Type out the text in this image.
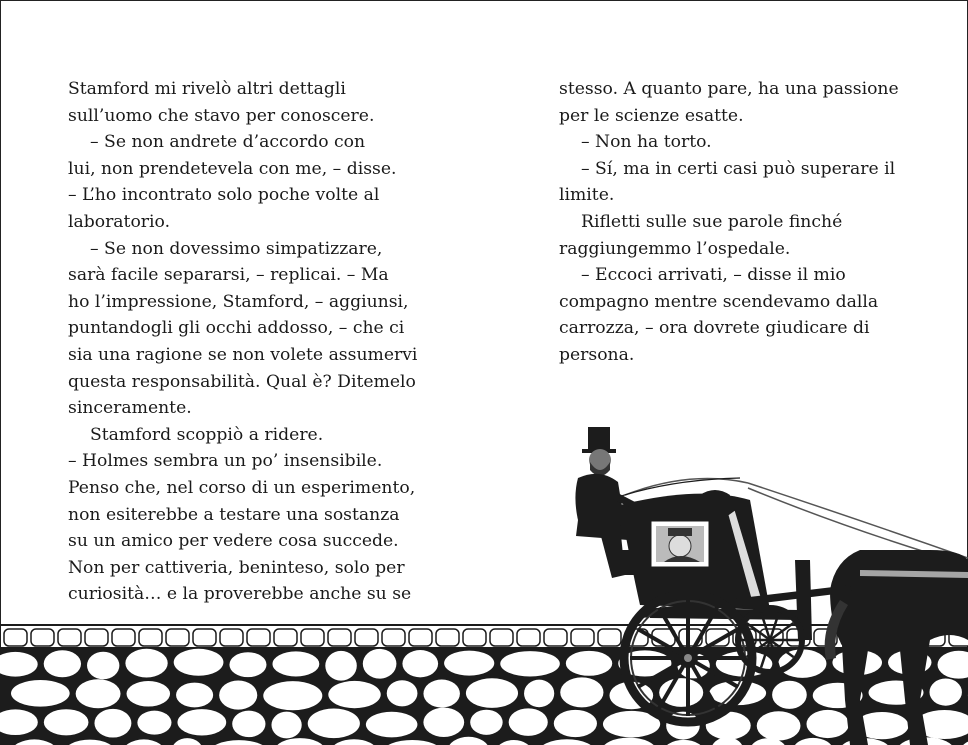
Stamford mi rivelò altri dettagli
sull’uomo che stavo per conoscere.
– Se non andrete d’accordo con
lui, non prendetevela con me, – disse.
– L’ho incontrato solo poche volte al
laboratorio.
– Se non dovessimo simpatizzare,
sarà facile separarsi, – replicai. – Ma
ho l’impressione, Stamford, – aggiunsi,
puntandogli gli occhi addosso, – che ci
sia una ragione se non volete assumervi
questa responsabilità. Qual è? Ditemelo
sinceramente.
Stamford scoppiò a ridere.
– Holmes sembra un po’ insensibile.
Penso che, nel corso di un esperimento,
non esiterebbe a testare una sostanza
su un amico per vedere cosa succede.
Non per cattiveria, beninteso, solo per
curiosità… e la proverebbe anche su se
stesso. A quanto pare, ha una passione
per le scienze esatte.
– Non ha torto.
– Sí, ma in certi casi può superare il
limite.
Rifletti sulle sue parole finché
raggiungemmo l’ospedale.
– Eccoci arrivati, – disse il mio
compagno mentre scendevamo dalla
carrozza, – ora dovrete giudicare di
persona.
